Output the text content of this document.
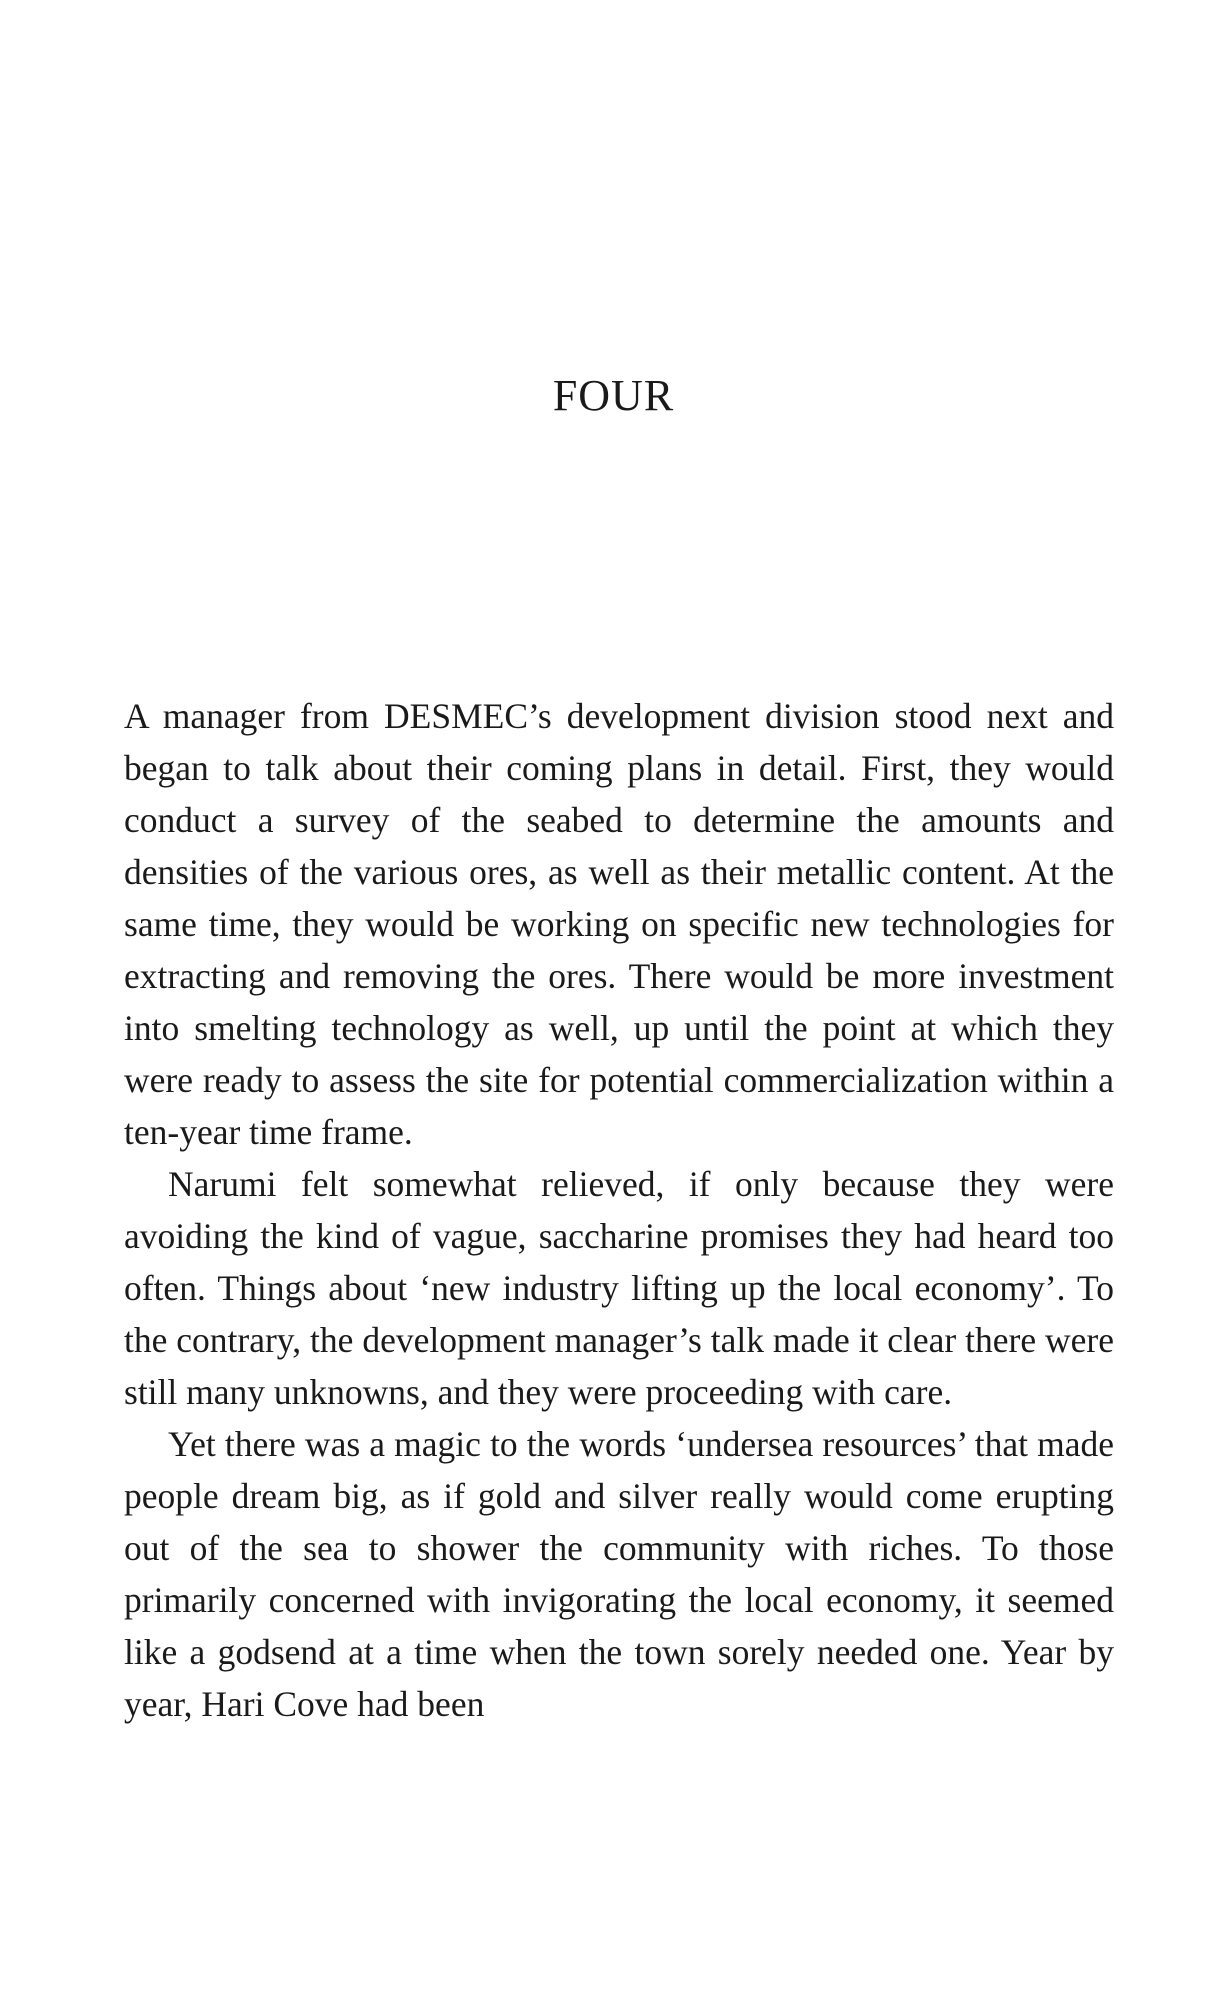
FOUR

A manager from DESMEC’s development division stood next and began to talk about their coming plans in detail. First, they would conduct a survey of the seabed to determine the amounts and densities of the various ores, as well as their metallic content. At the same time, they would be working on specific new technologies for extracting and removing the ores. There would be more investment into smelting technology as well, up until the point at which they were ready to assess the site for potential commercialization within a ten-year time frame.

Narumi felt somewhat relieved, if only because they were avoiding the kind of vague, saccharine promises they had heard too often. Things about ‘new industry lifting up the local economy’. To the contrary, the development manager’s talk made it clear there were still many unknowns, and they were proceeding with care.

Yet there was a magic to the words ‘undersea resources’ that made people dream big, as if gold and silver really would come erupting out of the sea to shower the community with riches. To those primarily concerned with invigorating the local economy, it seemed like a godsend at a time when the town sorely needed one. Year by year, Hari Cove had been
